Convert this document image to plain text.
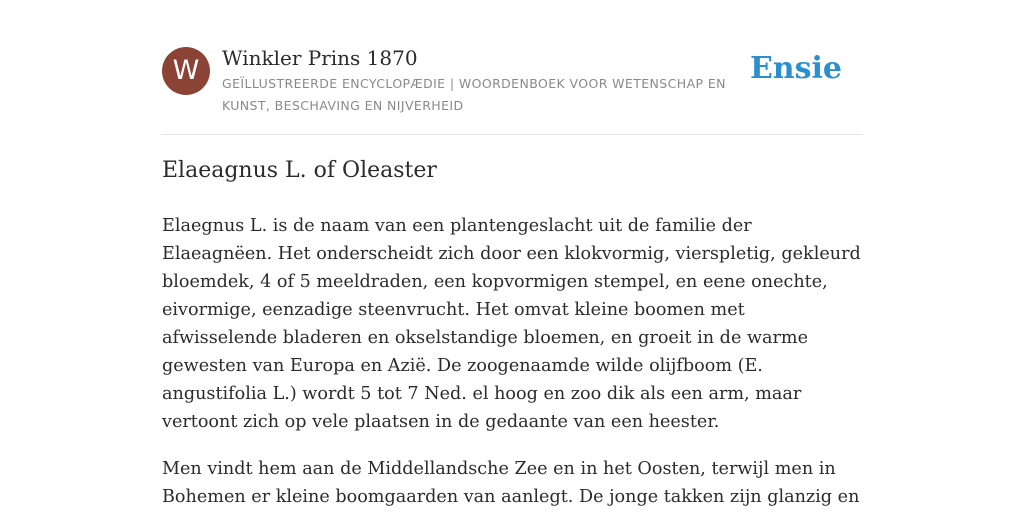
W	Winkler Prins 1870
GEÏLLUSTREERDE ENCYCLOPÆDIE | WOORDENBOEK VOOR WETENSCHAP EN KUNST, BESCHAVING EN NIJVERHEID
Ensie
Elaeagnus L. of Oleaster

Elaegnus L. is de naam van een plantengeslacht uit de familie der Elaeagnëen. Het onderscheidt zich door een klokvormig, vierspletig, gekleurd bloemdek, 4 of 5 meeldraden, een kopvormigen stempel, en eene onechte, eivormige, eenzadige steenvrucht. Het omvat kleine boomen met afwisselende bladeren en okselstandige bloemen, en groeit in de warme gewesten van Europa en Azië. De zoogenaamde wilde olijfboom (E. angustifolia L.) wordt 5 tot 7 Ned. el hoog en zoo dik als een arm, maar vertoont zich op vele plaatsen in de gedaante van een heester.

Men vindt hem aan de Middellandsche Zee en in het Oosten, terwijl men in Bohemen er kleine boomgaarden van aanlegt. De jonge takken zijn glanzig en
